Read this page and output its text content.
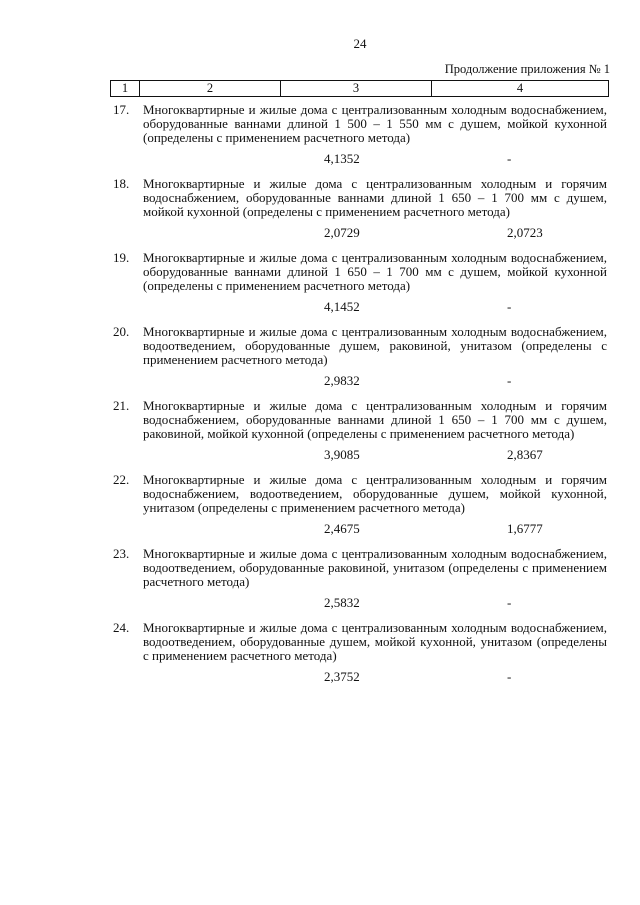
24
Продолжение приложения № 1
1	2	3	4
17. Многоквартирные и жилые дома с централизованным холодным водоснабжением, оборудованные ваннами длиной 1 500 – 1 550 мм с душем, мойкой кухонной (определены с применением расчетного метода)
4,1352	-
18. Многоквартирные и жилые дома с централизованным холодным и горячим водоснабжением, оборудованные ваннами длиной 1 650 – 1 700 мм с душем, мойкой кухонной (определены с применением расчетного метода)
2,0729	2,0723
19. Многоквартирные и жилые дома с централизованным холодным водоснабжением, оборудованные ваннами длиной 1 650 – 1 700 мм с душем, мойкой кухонной (определены с применением расчетного метода)
4,1452	-
20. Многоквартирные и жилые дома с централизованным холодным водоснабжением, водоотведением, оборудованные душем, раковиной, унитазом (определены с применением расчетного метода)
2,9832	-
21. Многоквартирные и жилые дома с централизованным холодным и горячим водоснабжением, оборудованные ваннами длиной 1 650 – 1 700 мм с душем, раковиной, мойкой кухонной (определены с применением расчетного метода)
3,9085	2,8367
22. Многоквартирные и жилые дома с централизованным холодным и горячим водоснабжением, водоотведением, оборудованные душем, мойкой кухонной, унитазом (определены с применением расчетного метода)
2,4675	1,6777
23. Многоквартирные и жилые дома с централизованным холодным водоснабжением, водоотведением, оборудованные раковиной, унитазом (определены с применением расчетного метода)
2,5832	-
24. Многоквартирные и жилые дома с централизованным холодным водоснабжением, водоотведением, оборудованные душем, мойкой кухонной, унитазом (определены с применением расчетного метода)
2,3752	-
